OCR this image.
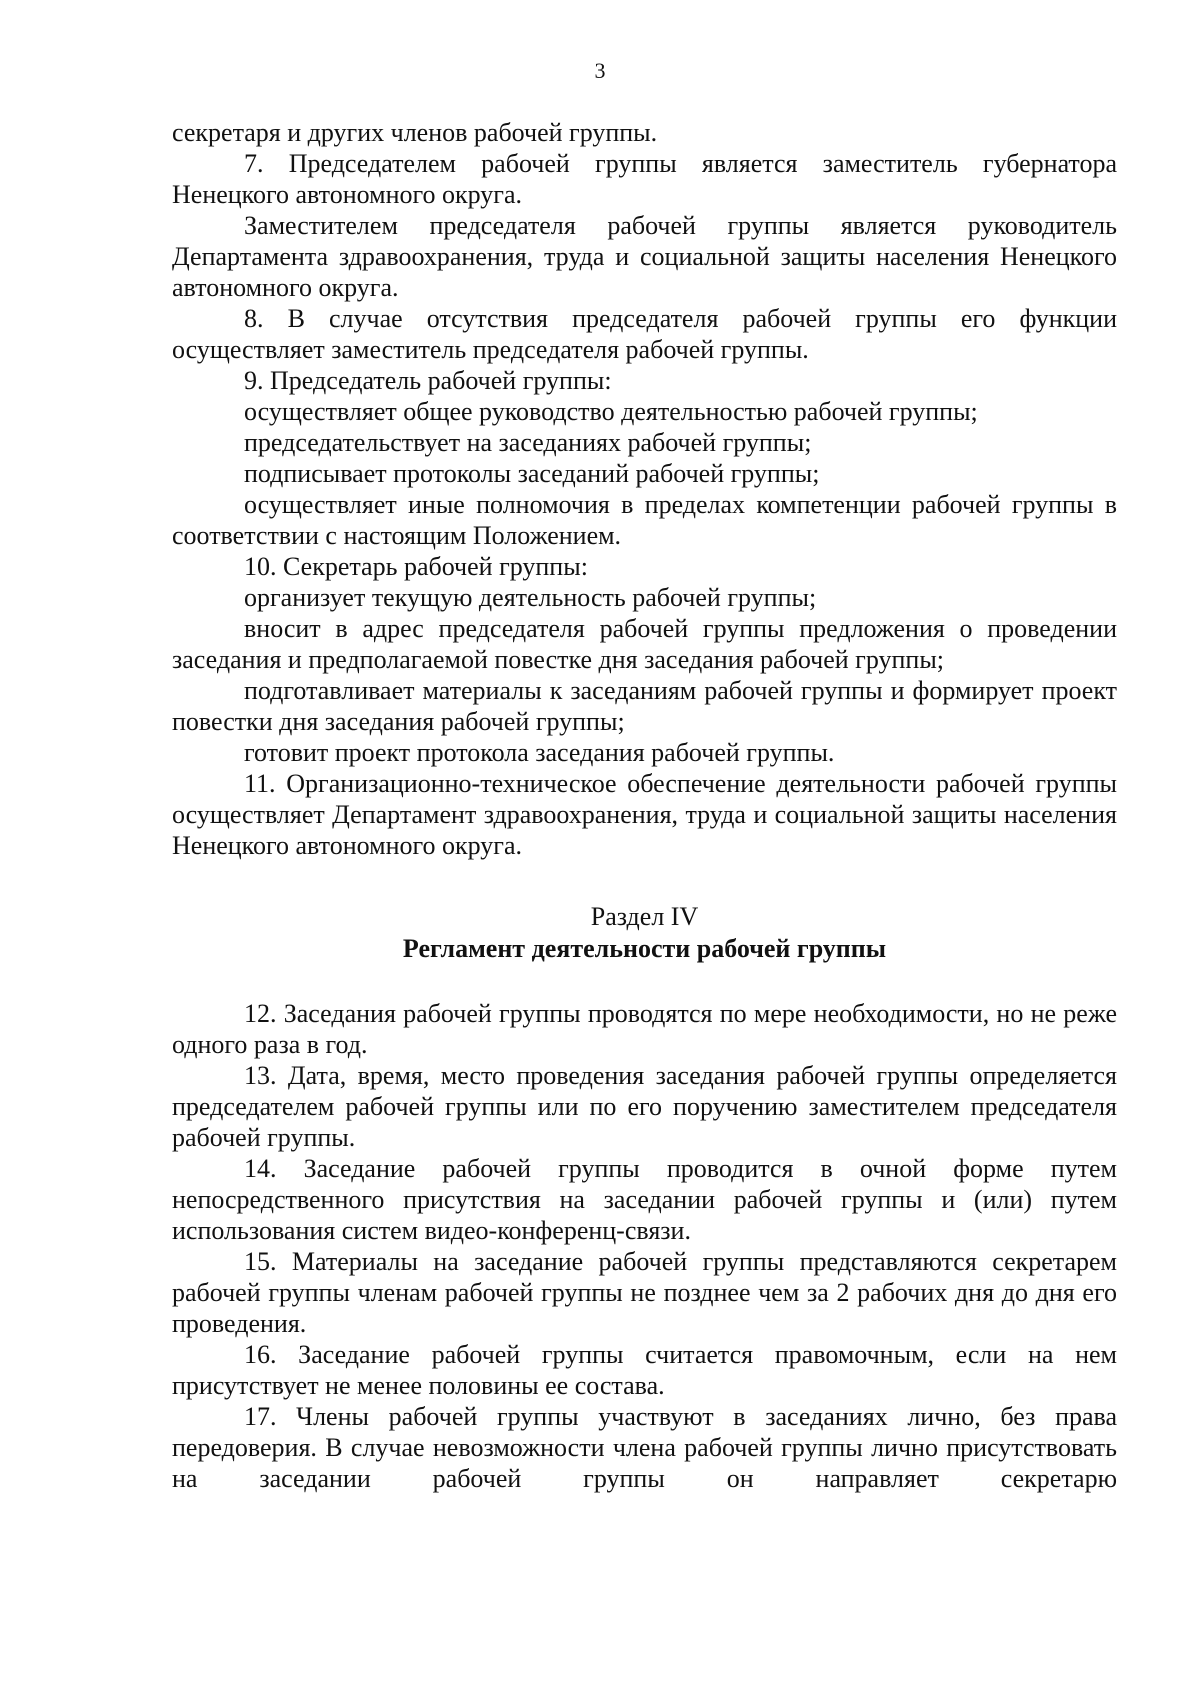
3

секретаря и других членов рабочей группы.

7. Председателем рабочей группы является заместитель губернатора Ненецкого автономного округа.

Заместителем председателя рабочей группы является руководитель Департамента здравоохранения, труда и социальной защиты населения Ненецкого автономного округа.

8. В случае отсутствия председателя рабочей группы его функции осуществляет заместитель председателя рабочей группы.

9. Председатель рабочей группы:

осуществляет общее руководство деятельностью рабочей группы;

председательствует на заседаниях рабочей группы;

подписывает протоколы заседаний рабочей группы;

осуществляет иные полномочия в пределах компетенции рабочей группы в соответствии с настоящим Положением.

10. Секретарь рабочей группы:

организует текущую деятельность рабочей группы;

вносит в адрес председателя рабочей группы предложения о проведении заседания и предполагаемой повестке дня заседания рабочей группы;

подготавливает материалы к заседаниям рабочей группы и формирует проект повестки дня заседания рабочей группы;

готовит проект протокола заседания рабочей группы.

11. Организационно-техническое обеспечение деятельности рабочей группы осуществляет Департамент здравоохранения, труда и социальной защиты населения Ненецкого автономного округа.

Раздел IV
Регламент деятельности рабочей группы

12. Заседания рабочей группы проводятся по мере необходимости, но не реже одного раза в год.

13. Дата, время, место проведения заседания рабочей группы определяется председателем рабочей группы или по его поручению заместителем председателя рабочей группы.

14. Заседание рабочей группы проводится в очной форме путем непосредственного присутствия на заседании рабочей группы и (или) путем использования систем видео-конференц-связи.

15. Материалы на заседание рабочей группы представляются секретарем рабочей группы членам рабочей группы не позднее чем за 2 рабочих дня до дня его проведения.

16. Заседание рабочей группы считается правомочным, если на нем присутствует не менее половины ее состава.

17. Члены рабочей группы участвуют в заседаниях лично, без права передоверия. В случае невозможности члена рабочей группы лично присутствовать на заседании рабочей группы он направляет секретарю
